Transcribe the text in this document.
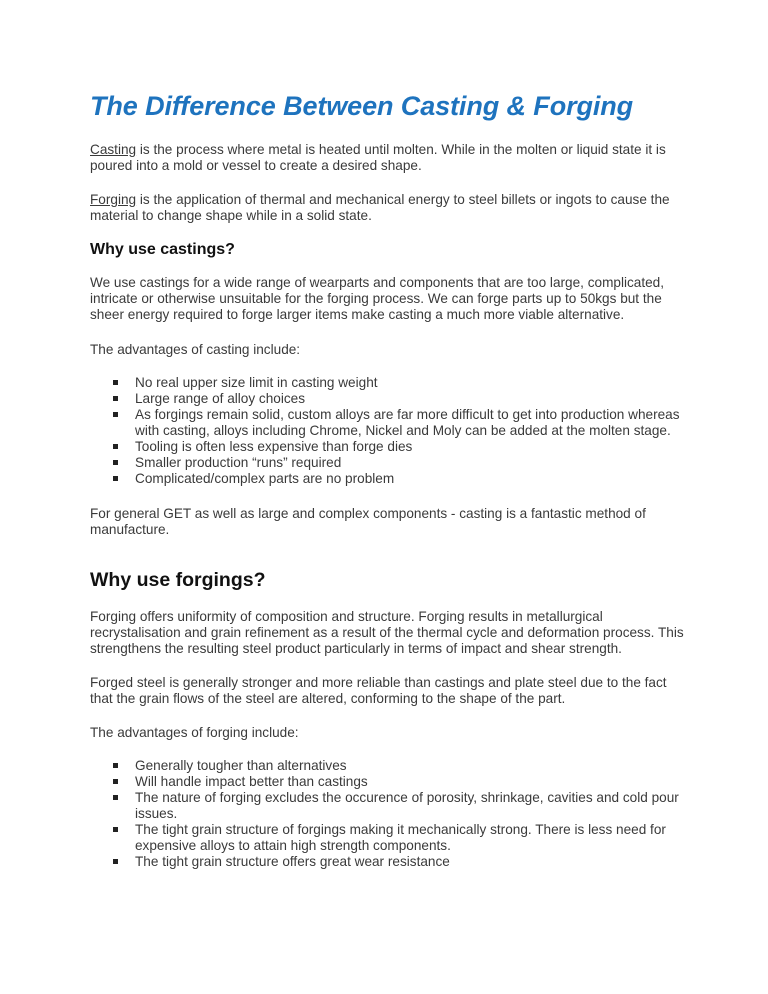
The Difference Between Casting & Forging

Casting is the process where metal is heated until molten. While in the molten or liquid state it is poured into a mold or vessel to create a desired shape.

Forging is the application of thermal and mechanical energy to steel billets or ingots to cause the material to change shape while in a solid state.

Why use castings?

We use castings for a wide range of wearparts and components that are too large, complicated, intricate or otherwise unsuitable for the forging process. We can forge parts up to 50kgs but the sheer energy required to forge larger items make casting a much more viable alternative.

The advantages of casting include:

No real upper size limit in casting weight
Large range of alloy choices
As forgings remain solid, custom alloys are far more difficult to get into production whereas with casting, alloys including Chrome, Nickel and Moly can be added at the molten stage.
Tooling is often less expensive than forge dies
Smaller production “runs” required
Complicated/complex parts are no problem

For general GET as well as large and complex components - casting is a fantastic method of manufacture.

Why use forgings?

Forging offers uniformity of composition and structure. Forging results in metallurgical recrystalisation and grain refinement as a result of the thermal cycle and deformation process. This strengthens the resulting steel product particularly in terms of impact and shear strength.

Forged steel is generally stronger and more reliable than castings and plate steel due to the fact that the grain flows of the steel are altered, conforming to the shape of the part.

The advantages of forging include:

Generally tougher than alternatives
Will handle impact better than castings
The nature of forging excludes the occurence of porosity, shrinkage, cavities and cold pour issues.
The tight grain structure of forgings making it mechanically strong. There is less need for expensive alloys to attain high strength components.
The tight grain structure offers great wear resistance
